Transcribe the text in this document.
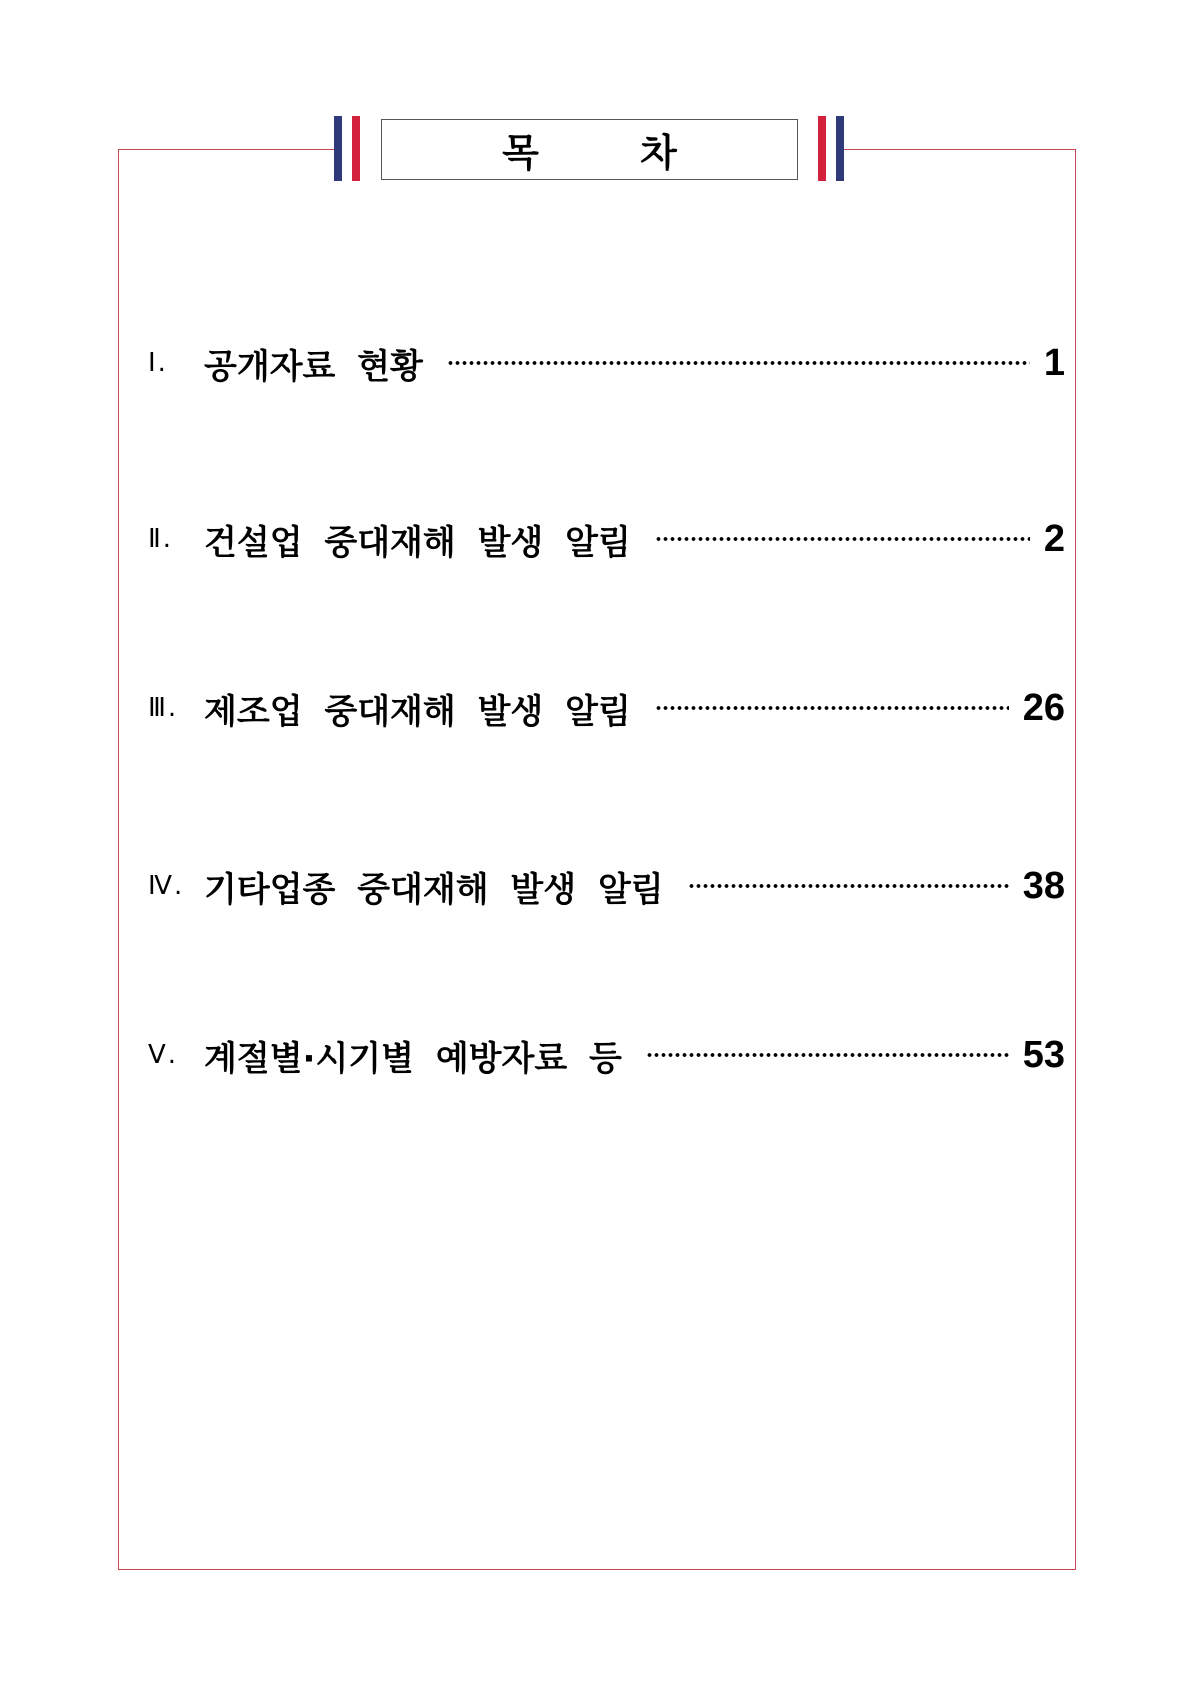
목 차
Ⅰ.	공개자료 현황	1
Ⅱ. 건설업 중대재해 발생 알림	2
Ⅲ. 제조업 중대재해 발생 알림	26
Ⅳ. 기타업종 중대재해 발생 알림	38
Ⅴ. 계절별·시기별 예방자료 등	53
